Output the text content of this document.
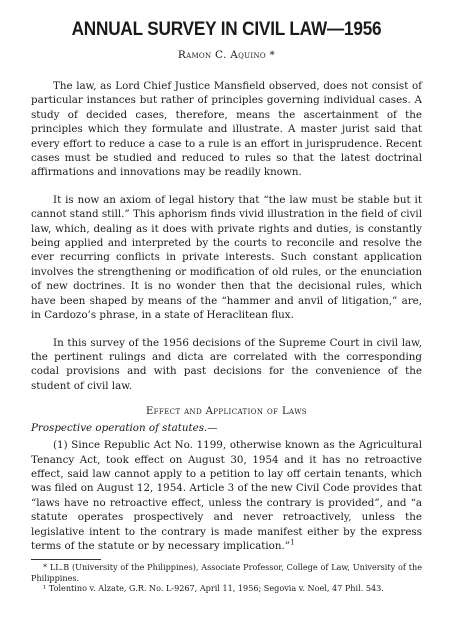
ANNUAL SURVEY IN CIVIL LAW—1956
Ramon C. Aquino *

The law, as Lord Chief Justice Mansfield observed, does not consist of particular instances but rather of principles governing individual cases. A study of decided cases, therefore, means the ascertainment of the principles which they formulate and illustrate. A master jurist said that every effort to reduce a case to a rule is an effort in jurisprudence. Recent cases must be studied and reduced to rules so that the latest doctrinal affirmations and innovations may be readily known.

It is now an axiom of legal history that “the law must be stable but it cannot stand still.” This aphorism finds vivid illustration in the field of civil law, which, dealing as it does with private rights and duties, is constantly being applied and interpreted by the courts to reconcile and resolve the ever recurring conflicts in private interests. Such constant application involves the strengthening or modification of old rules, or the enunciation of new doctrines. It is no wonder then that the decisional rules, which have been shaped by means of the “hammer and anvil of litigation,” are, in Cardozo’s phrase, in a state of Heraclitean flux.

In this survey of the 1956 decisions of the Supreme Court in civil law, the pertinent rulings and dicta are correlated with the corresponding codal provisions and with past decisions for the convenience of the student of civil law.

Effect and Application of Laws
Prospective operation of statutes.—

(1) Since Republic Act No. 1199, otherwise known as the Agricultural Tenancy Act, took effect on August 30, 1954 and it has no retroactive effect, said law cannot apply to a petition to lay off certain tenants, which was filed on August 12, 1954. Article 3 of the new Civil Code provides that “laws have no retroactive effect, unless the contrary is provided”, and “a statute operates prospectively and never retroactively, unless the legislative intent to the contrary is made manifest either by the express terms of the statute or by necessary implication.”$^1$

* LL.B (University of the Philippines), Associate Professor, College of Law, University of the Philippines.

¹ Tolentino v. Alzate, G.R. No. L-9267, April 11, 1956; Segovia v. Noel, 47 Phil. 543.
